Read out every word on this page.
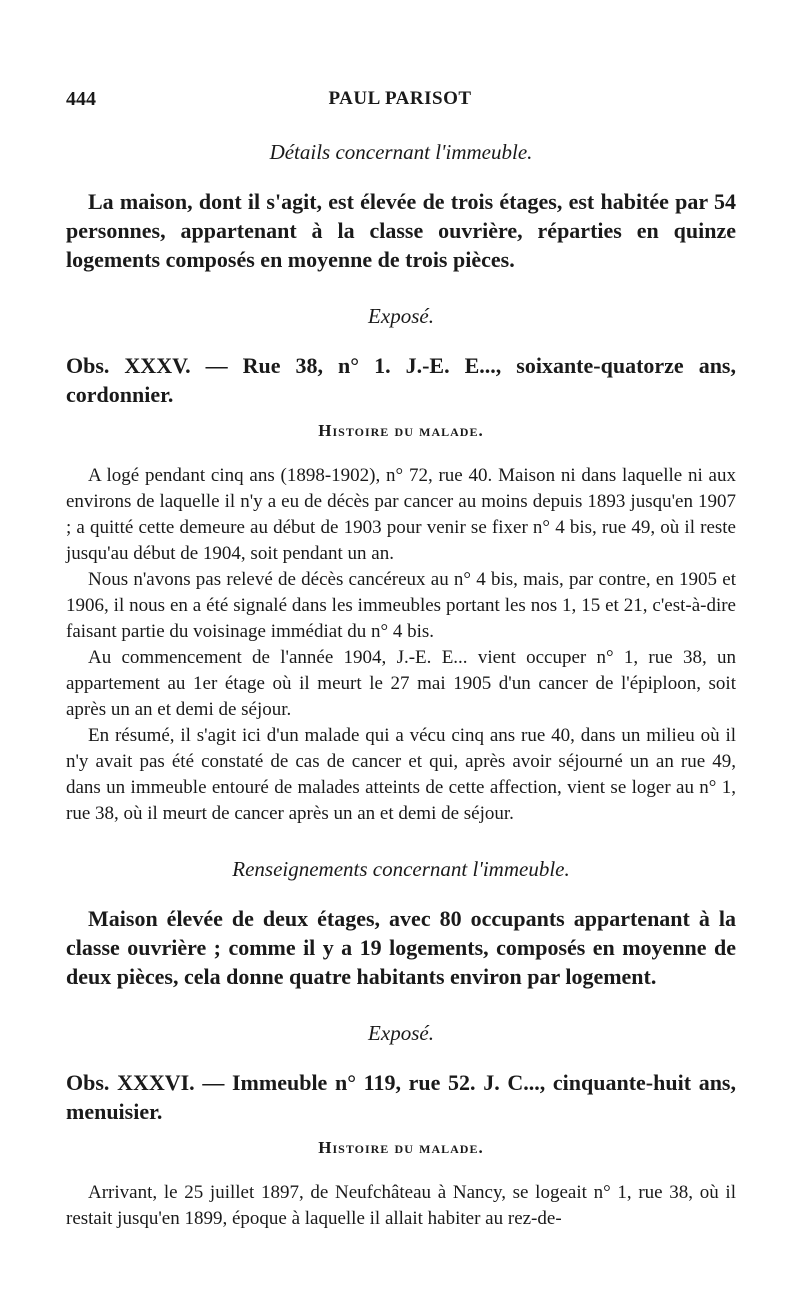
444	PAUL PARISOT

Détails concernant l'immeuble.

La maison, dont il s'agit, est élevée de trois étages, est habitée par 54 personnes, appartenant à la classe ouvrière, réparties en quinze logements composés en moyenne de trois pièces.

Exposé.

Obs. XXXV. — Rue 38, n° 1. J.-E. E..., soixante-quatorze ans, cordonnier.

Histoire du malade.

A logé pendant cinq ans (1898-1902), n° 72, rue 40. Maison ni dans laquelle ni aux environs de laquelle il n'y a eu de décès par cancer au moins depuis 1893 jusqu'en 1907 ; a quitté cette demeure au début de 1903 pour venir se fixer n° 4 bis, rue 49, où il reste jusqu'au début de 1904, soit pendant un an.

Nous n'avons pas relevé de décès cancéreux au n° 4 bis, mais, par contre, en 1905 et 1906, il nous en a été signalé dans les immeubles portant les nos 1, 15 et 21, c'est-à-dire faisant partie du voisinage immédiat du n° 4 bis.

Au commencement de l'année 1904, J.-E. E... vient occuper n° 1, rue 38, un appartement au 1er étage où il meurt le 27 mai 1905 d'un cancer de l'épiploon, soit après un an et demi de séjour.

En résumé, il s'agit ici d'un malade qui a vécu cinq ans rue 40, dans un milieu où il n'y avait pas été constaté de cas de cancer et qui, après avoir séjourné un an rue 49, dans un immeuble entouré de malades atteints de cette affection, vient se loger au n° 1, rue 38, où il meurt de cancer après un an et demi de séjour.

Renseignements concernant l'immeuble.

Maison élevée de deux étages, avec 80 occupants appartenant à la classe ouvrière ; comme il y a 19 logements, composés en moyenne de deux pièces, cela donne quatre habitants environ par logement.

Exposé.

Obs. XXXVI. — Immeuble n° 119, rue 52. J. C..., cinquante-huit ans, menuisier.

Histoire du malade.

Arrivant, le 25 juillet 1897, de Neufchâteau à Nancy, se logeait n° 1, rue 38, où il restait jusqu'en 1899, époque à laquelle il allait habiter au rez-de-
